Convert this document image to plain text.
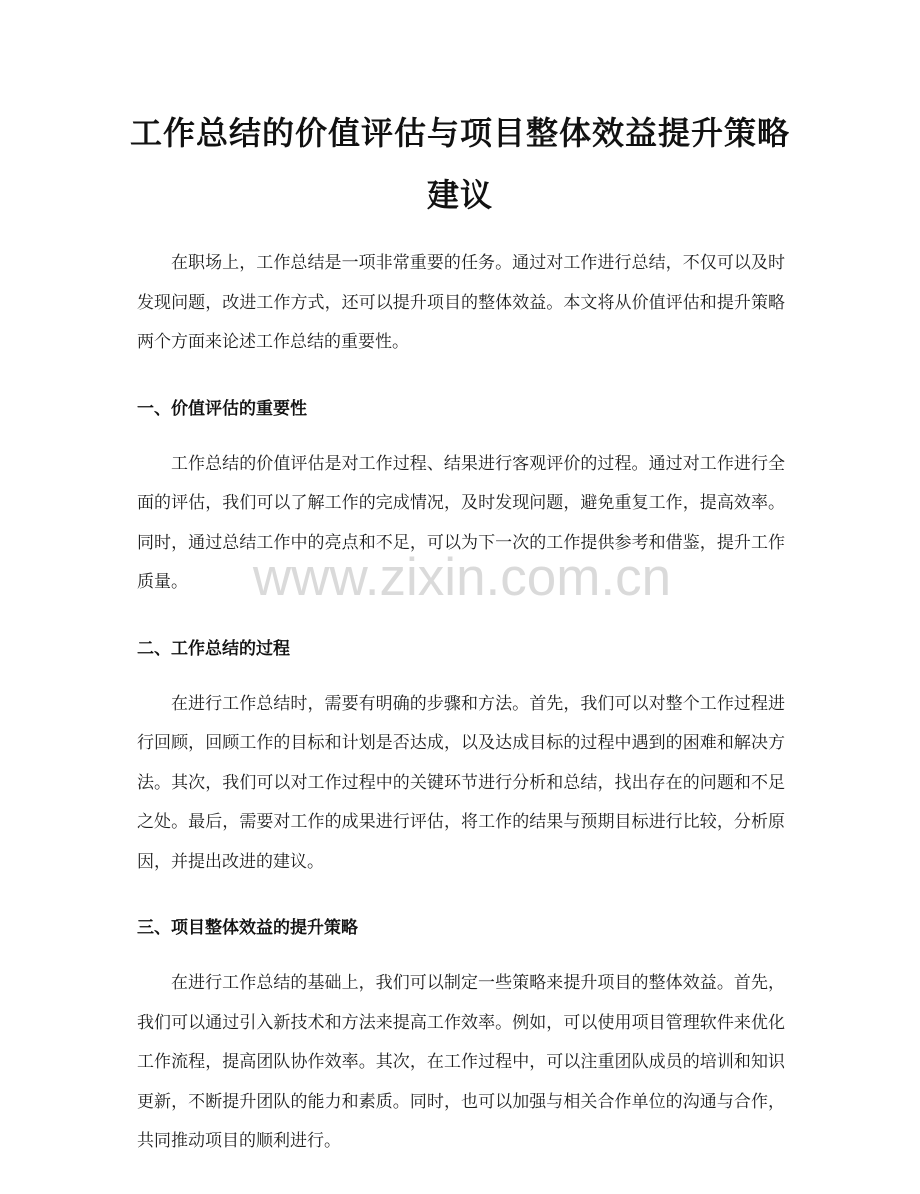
工作总结的价值评估与项目整体效益提升策略建议

在职场上，工作总结是一项非常重要的任务。通过对工作进行总结，不仅可以及时发现问题，改进工作方式，还可以提升项目的整体效益。本文将从价值评估和提升策略两个方面来论述工作总结的重要性。

一、价值评估的重要性

工作总结的价值评估是对工作过程、结果进行客观评价的过程。通过对工作进行全面的评估，我们可以了解工作的完成情况，及时发现问题，避免重复工作，提高效率。同时，通过总结工作中的亮点和不足，可以为下一次的工作提供参考和借鉴，提升工作质量。

二、工作总结的过程

在进行工作总结时，需要有明确的步骤和方法。首先，我们可以对整个工作过程进行回顾，回顾工作的目标和计划是否达成，以及达成目标的过程中遇到的困难和解决方法。其次，我们可以对工作过程中的关键环节进行分析和总结，找出存在的问题和不足之处。最后，需要对工作的成果进行评估，将工作的结果与预期目标进行比较，分析原因，并提出改进的建议。

三、项目整体效益的提升策略

在进行工作总结的基础上，我们可以制定一些策略来提升项目的整体效益。首先，我们可以通过引入新技术和方法来提高工作效率。例如，可以使用项目管理软件来优化工作流程，提高团队协作效率。其次，在工作过程中，可以注重团队成员的培训和知识更新，不断提升团队的能力和素质。同时，也可以加强与相关合作单位的沟通与合作，共同推动项目的顺利进行。

www.zixin.com.cn
